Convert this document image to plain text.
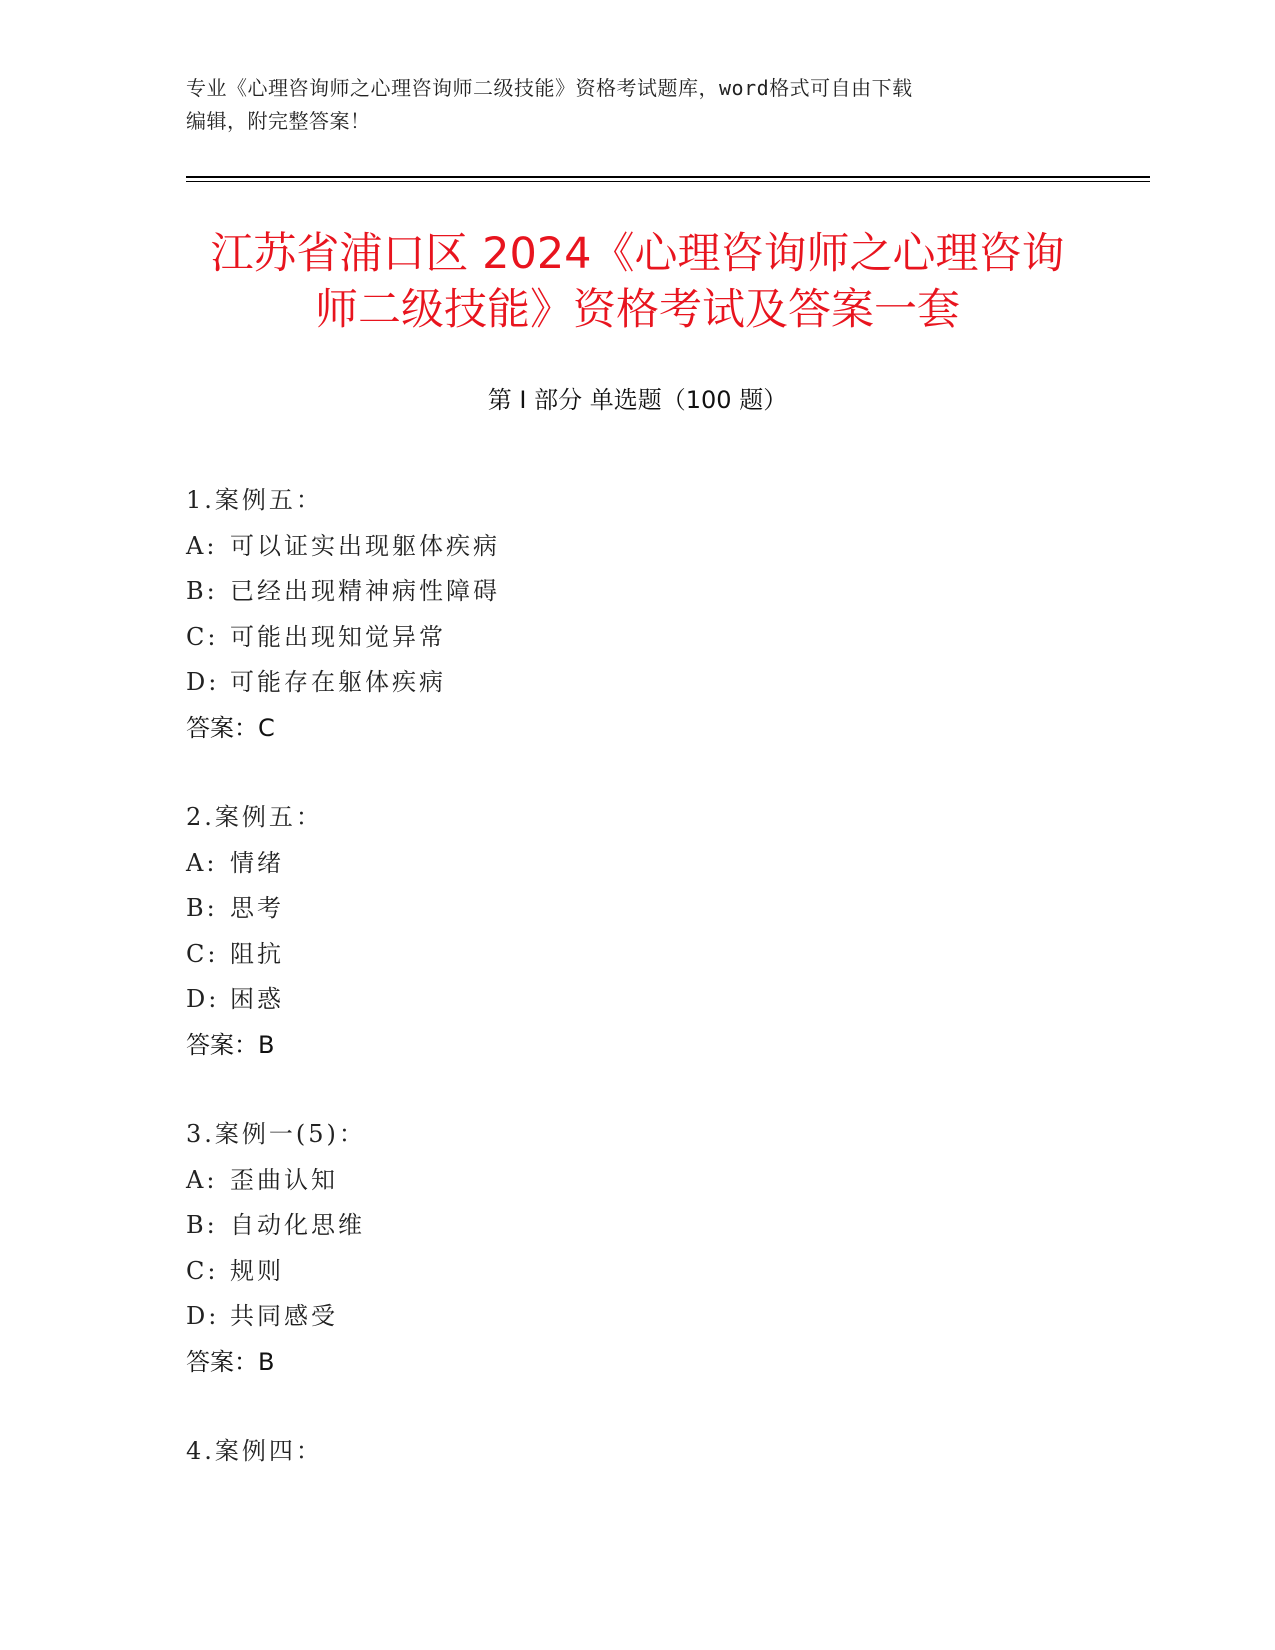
专业《心理咨询师之心理咨询师二级技能》资格考试题库，word格式可自由下载
编辑，附完整答案！
江苏省浦口区 2024《心理咨询师之心理咨询
师二级技能》资格考试及答案一套
第 I 部分 单选题（100 题）
1.案例五：
A: 可以证实出现躯体疾病
B: 已经出现精神病性障碍
C: 可能出现知觉异常
D: 可能存在躯体疾病
答案：C
2.案例五：
A: 情绪
B: 思考
C: 阻抗
D: 困惑
答案：B
3.案例一(5)：
A: 歪曲认知
B: 自动化思维
C: 规则
D: 共同感受
答案：B
4.案例四：
